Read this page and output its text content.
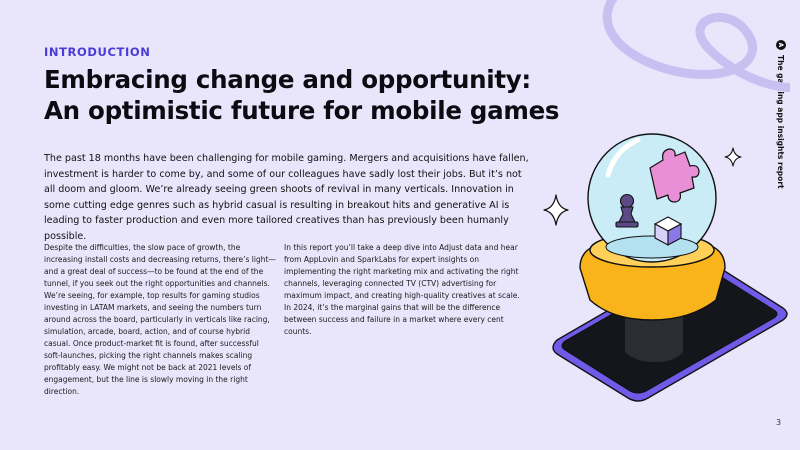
INTRODUCTION
Embracing change and opportunity:
An optimistic future for mobile games

The past 18 months have been challenging for mobile gaming. Mergers and acquisitions have fallen, investment is harder to come by, and some of our colleagues have sadly lost their jobs. But it’s not all doom and gloom. We’re already seeing green shoots of revival in many verticals. Innovation in some cutting edge genres such as hybrid casual is resulting in breakout hits and generative AI is leading to faster production and even more tailored creatives than has previously been humanly possible.

Despite the difficulties, the slow pace of growth, the increasing install costs and decreasing returns, there’s light—and a great deal of success—to be found at the end of the tunnel, if you seek out the right opportunities and channels. We’re seeing, for example, top results for gaming studios investing in LATAM markets, and seeing the numbers turn around across the board, particularly in verticals like racing, simulation, arcade, board, action, and of course hybrid casual. Once product-market fit is found, after successful soft-launches, picking the right channels makes scaling profitably easy. We might not be back at 2021 levels of engagement, but the line is slowly moving in the right direction.

In this report you’ll take a deep dive into Adjust data and hear from AppLovin and SparkLabs for expert insights on implementing the right marketing mix and activating the right channels, leveraging connected TV (CTV) advertising for maximum impact, and creating high-quality creatives at scale. In 2024, it’s the marginal gains that will be the difference between success and failure in a market where every cent counts.

A
The gaming app insights report
3
